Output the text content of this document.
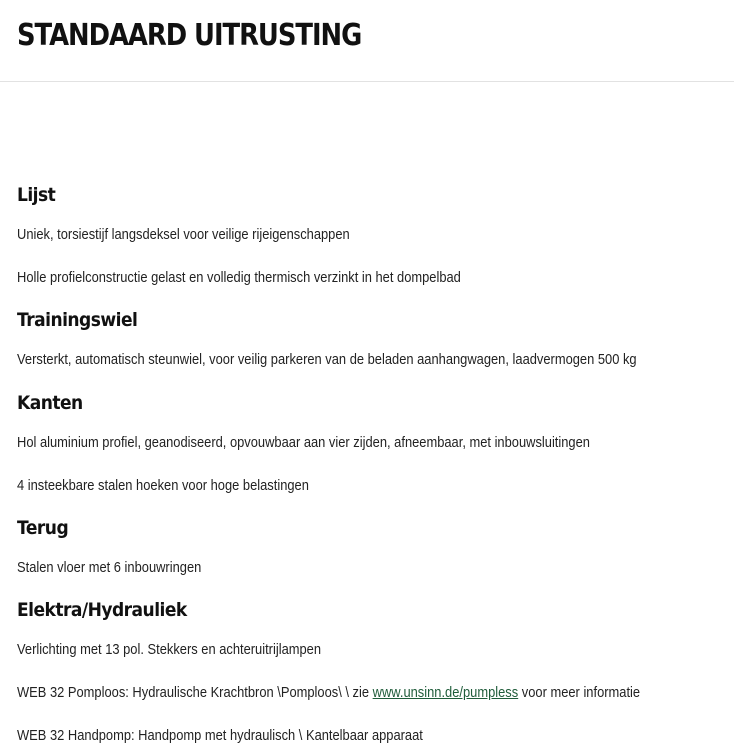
STANDAARD UITRUSTING
Lijst

Uniek, torsiestijf langsdeksel voor veilige rijeigenschappen

Holle profielconstructie gelast en volledig thermisch verzinkt in het dompelbad

Trainingswiel

Versterkt, automatisch steunwiel, voor veilig parkeren van de beladen aanhangwagen, laadvermogen 500 kg

Kanten

Hol aluminium profiel, geanodiseerd, opvouwbaar aan vier zijden, afneembaar, met inbouwsluitingen

4 insteekbare stalen hoeken voor hoge belastingen

Terug

Stalen vloer met 6 inbouwringen

Elektra/Hydrauliek

Verlichting met 13 pol. Stekkers en achteruitrijlampen

WEB 32 Pomploos: Hydraulische Krachtbron \Pomploos\ \ zie www.unsinn.de/pumpless voor meer informatie

WEB 32 Handpomp: Handpomp met hydraulisch \ Kantelbaar apparaat
